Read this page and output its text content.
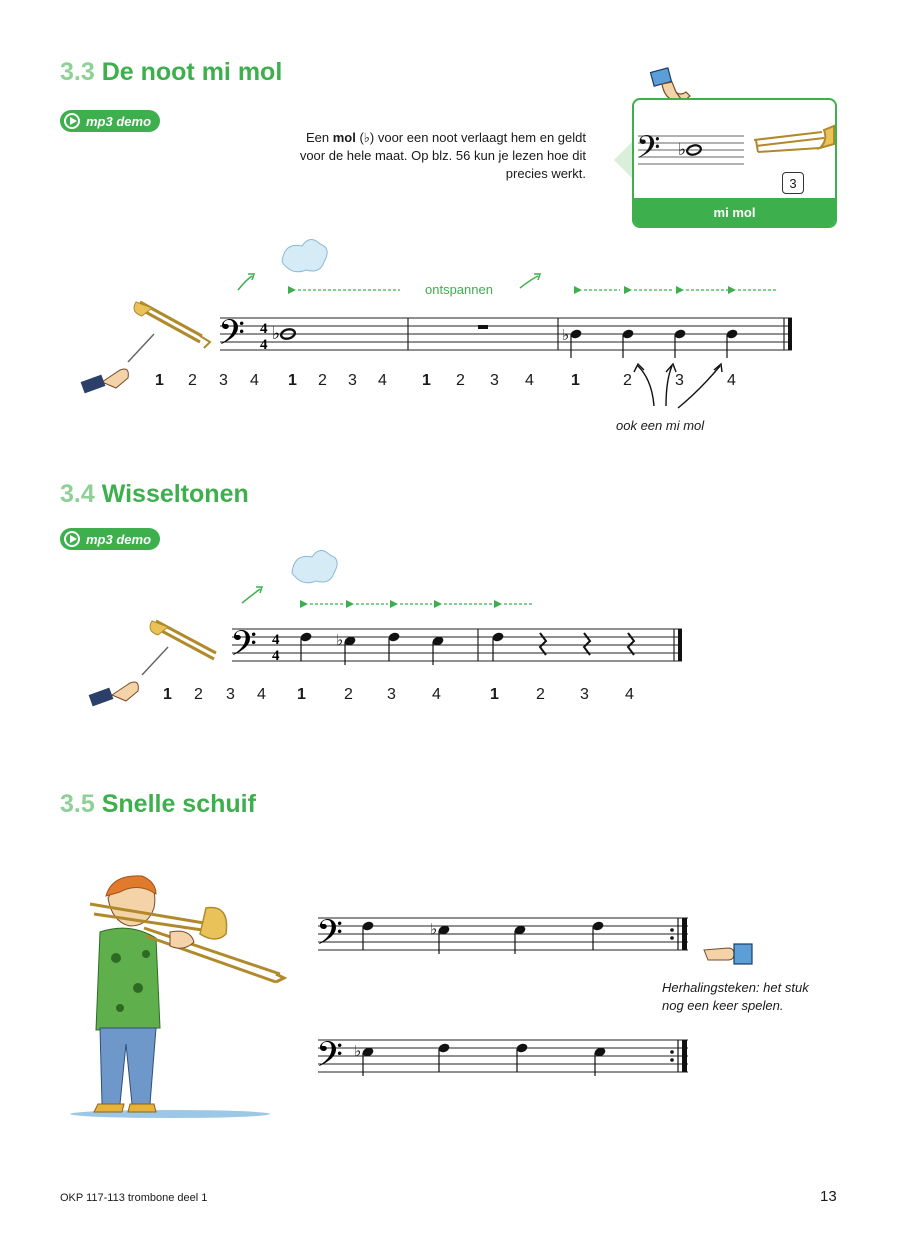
3.3 De noot mi mol
mp3 demo
Een mol (♭) voor een noot verlaagt hem en geldt voor de hele maat. Op blz. 56 kun je lezen hoe dit precies werkt.
𝄢 ♭
3
mi mol
𝄢 4
4
♭	♭
ontspannen
1 2 3 4 1 2 3 4 1 2 3 4 1	2	3	4
ook een mi mol
3.4 Wisseltonen
mp3 demo
𝄢 4
4
♭
1 2 3 4 1 2 3 4	1 2 3 4
3.5 Snelle schuif
𝄢	♭
Herhalingsteken: het stuk
nog een keer spelen.
𝄢 ♭
OKP 117-113 trombone deel 1	13
